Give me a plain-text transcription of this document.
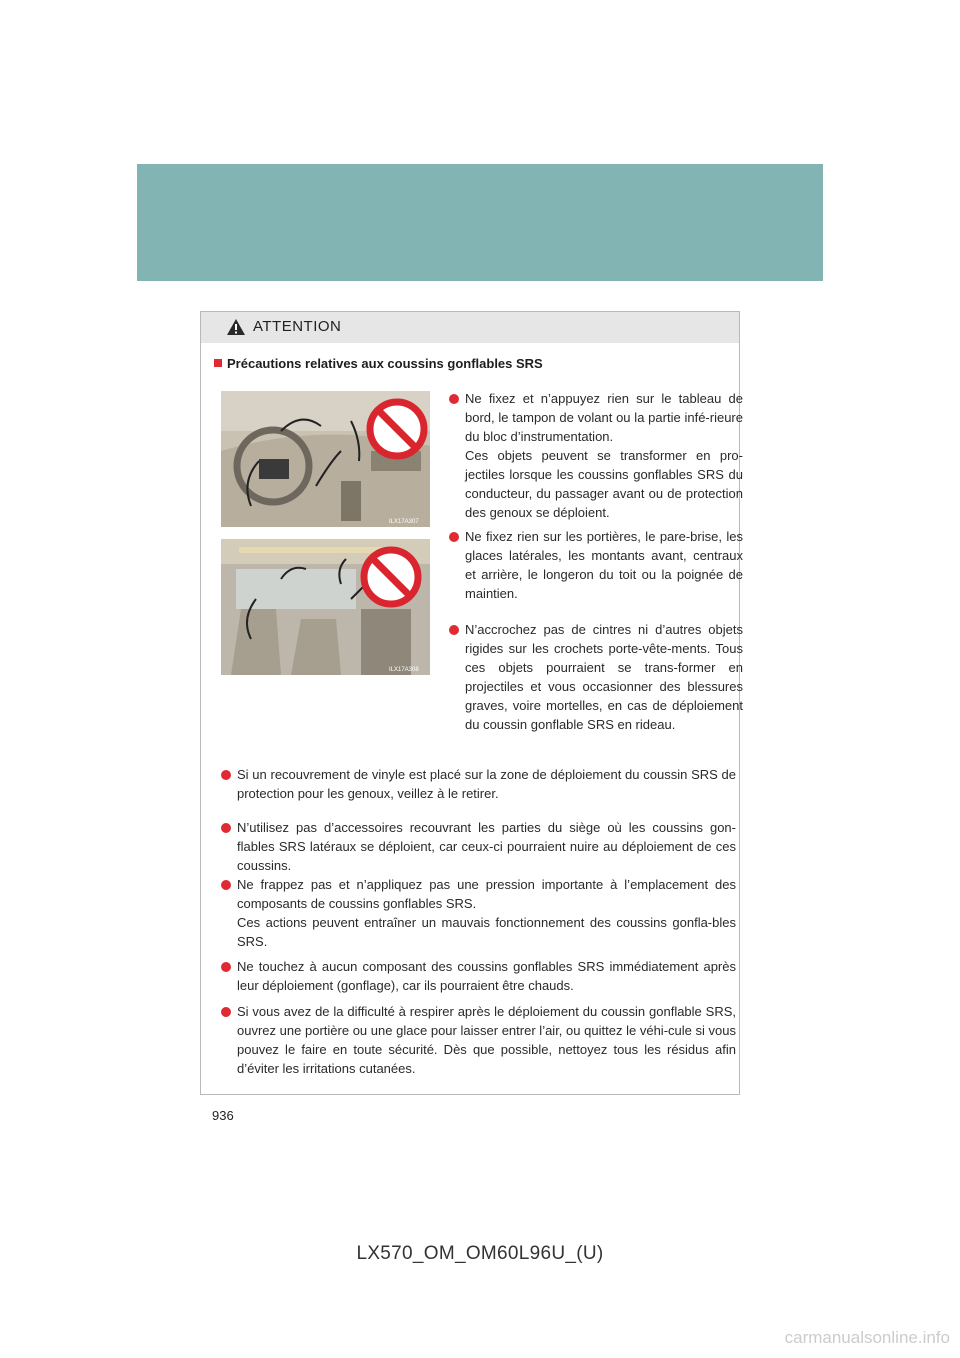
ATTENTION
Précautions relatives aux coussins gonflables SRS
ILX17A307
ILX17A308
Ne fixez et n’appuyez rien sur le tableau de bord, le tampon de volant ou la partie infé-rieure du bloc d’instrumentation.
Ces objets peuvent se transformer en pro-jectiles lorsque les coussins gonflables SRS du conducteur, du passager avant ou de protection des genoux se déploient.
Ne fixez rien sur les portières, le pare-brise, les glaces latérales, les montants avant, centraux et arrière, le longeron du toit ou la poignée de maintien.
N’accrochez pas de cintres ni d’autres objets rigides sur les crochets porte-vête-ments. Tous ces objets pourraient se trans-former en projectiles et vous occasionner des blessures graves, voire mortelles, en cas de déploiement du coussin gonflable SRS en rideau.
Si un recouvrement de vinyle est placé sur la zone de déploiement du coussin SRS de protection pour les genoux, veillez à le retirer.
N’utilisez pas d’accessoires recouvrant les parties du siège où les coussins gon-flables SRS latéraux se déploient, car ceux-ci pourraient nuire au déploiement de ces coussins.
Ne frappez pas et n’appliquez pas une pression importante à l’emplacement des composants de coussins gonflables SRS.
Ces actions peuvent entraîner un mauvais fonctionnement des coussins gonfla-bles SRS.
Ne touchez à aucun composant des coussins gonflables SRS immédiatement après leur déploiement (gonflage), car ils pourraient être chauds.
Si vous avez de la difficulté à respirer après le déploiement du coussin gonflable SRS, ouvrez une portière ou une glace pour laisser entrer l’air, ou quittez le véhi-cule si vous pouvez le faire en toute sécurité. Dès que possible, nettoyez tous les résidus afin d’éviter les irritations cutanées.
936
LX570_OM_OM60L96U_(U)
carmanualsonline.info
